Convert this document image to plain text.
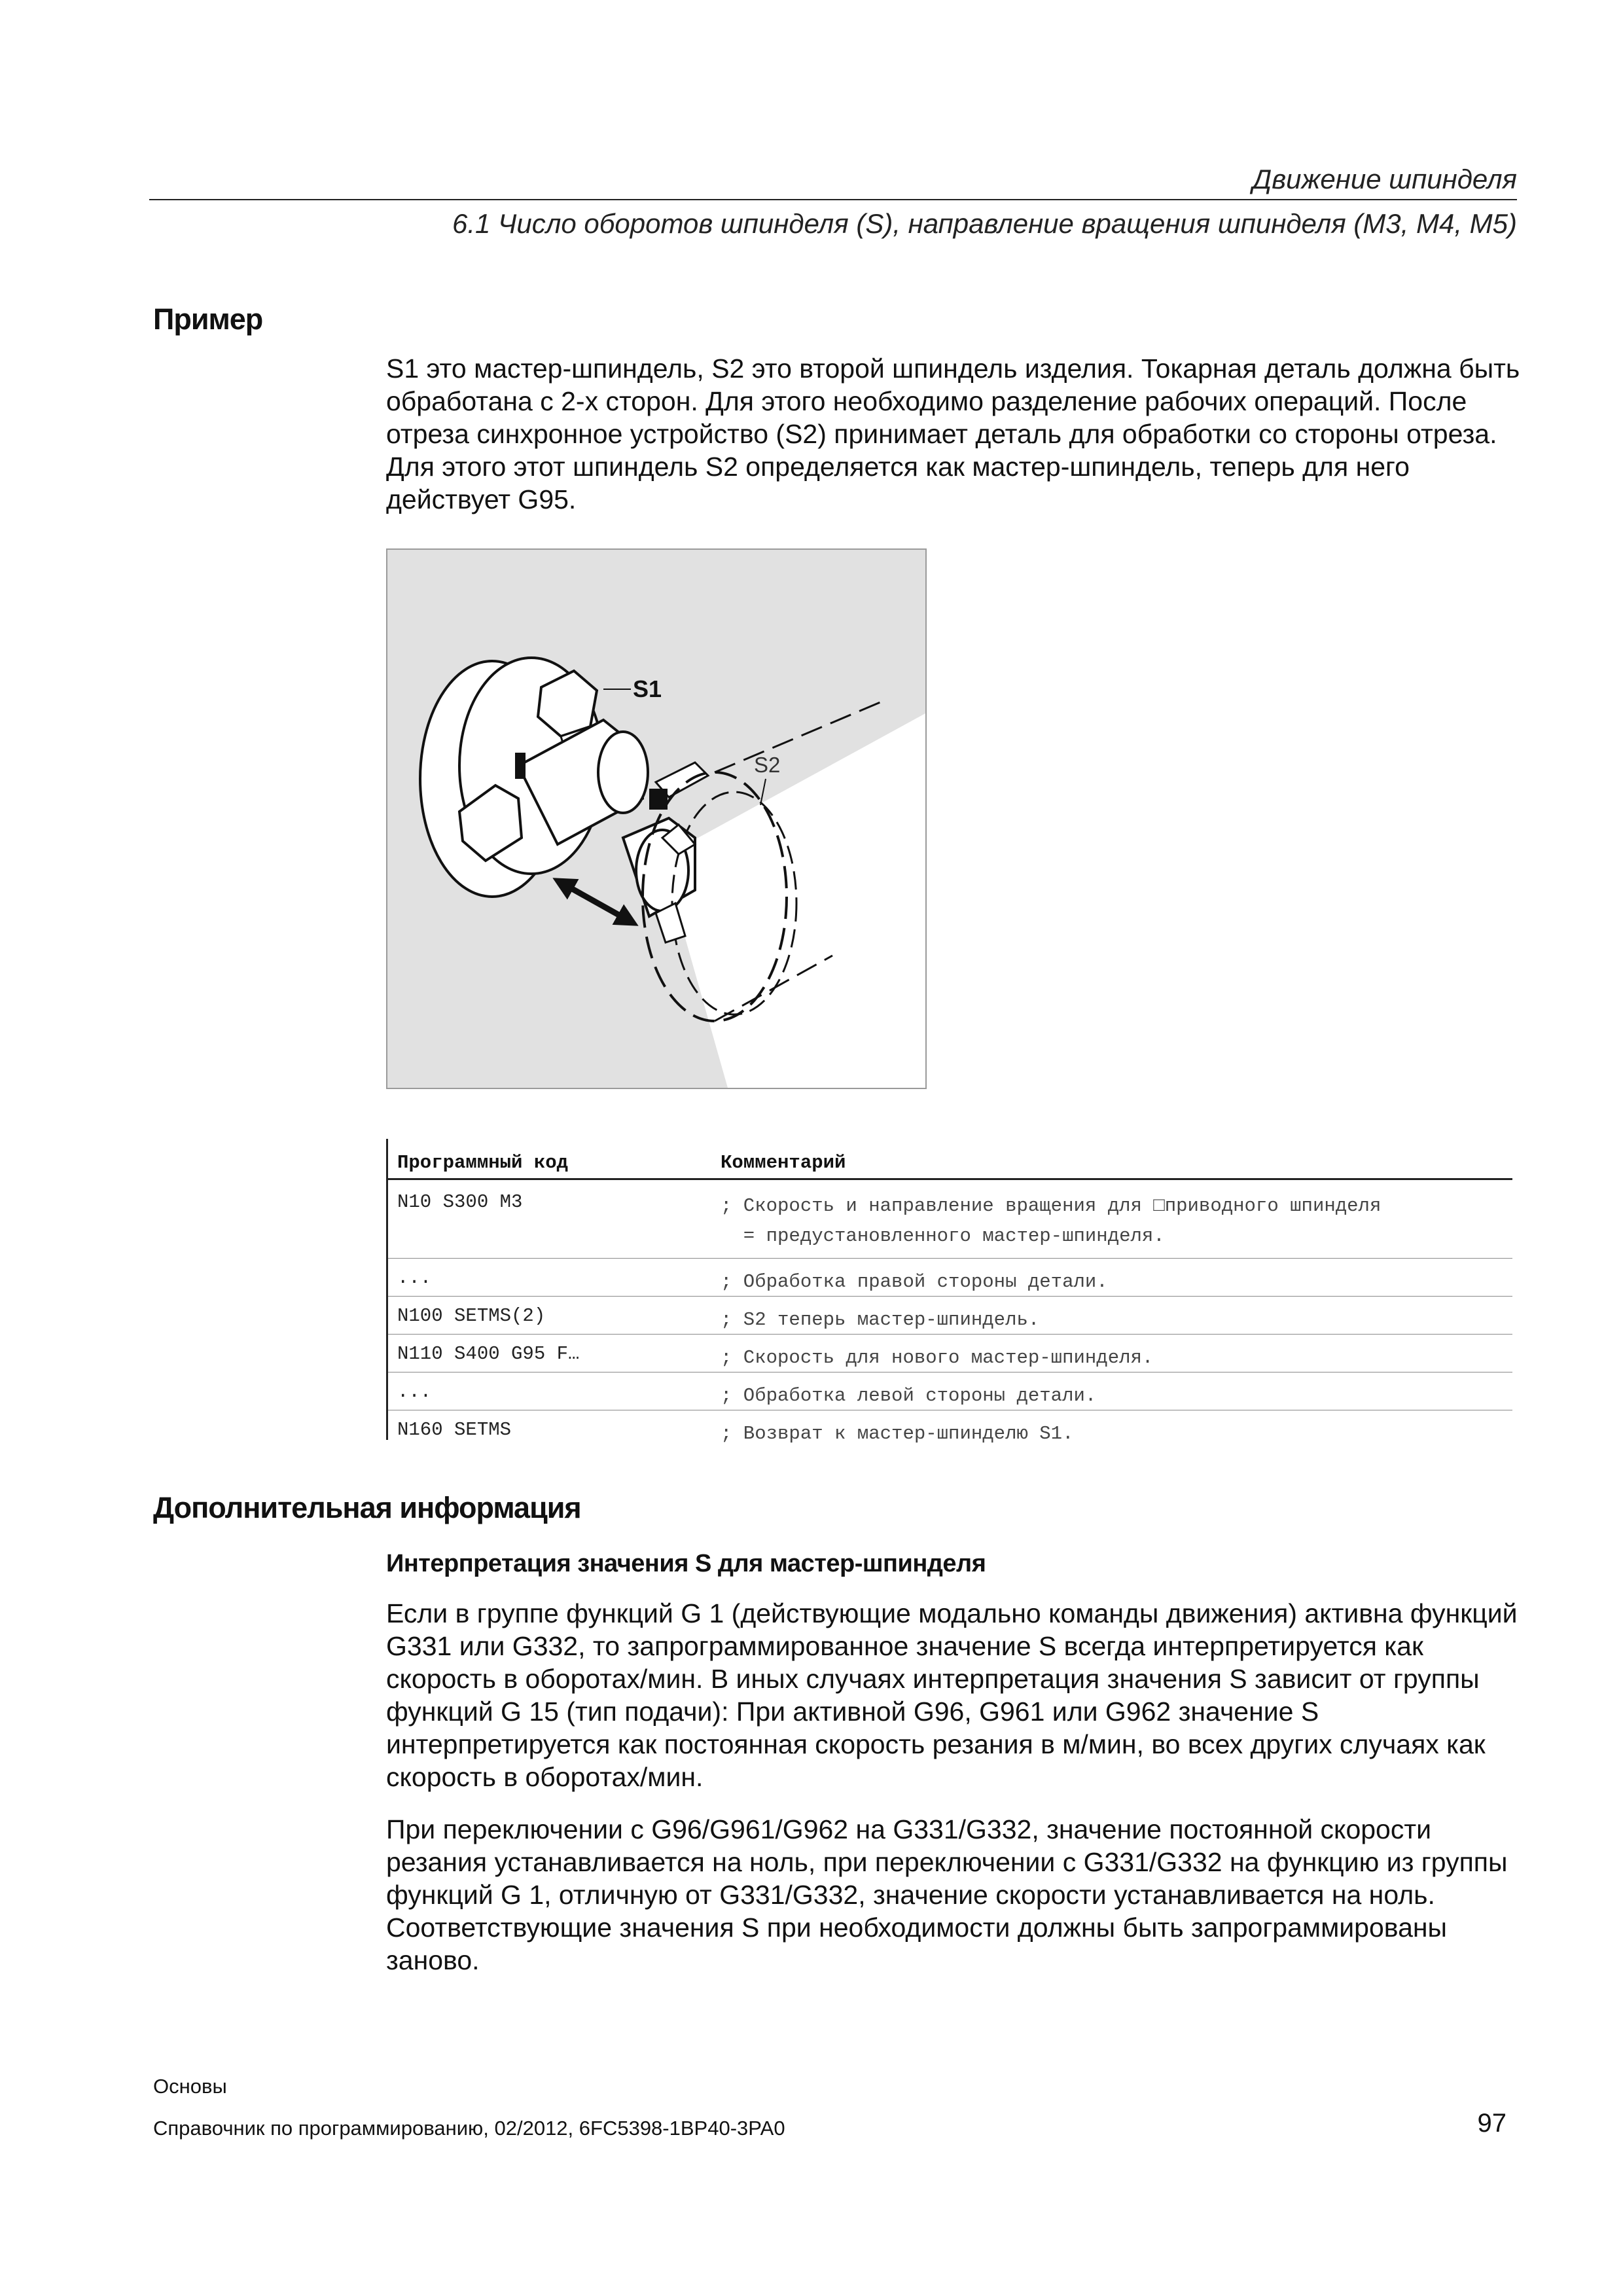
Движение шпинделя
6.1 Число оборотов шпинделя (S), направление вращения шпинделя (M3, M4, M5)
Пример

S1 это мастер-шпиндель, S2 это второй шпиндель изделия. Токарная деталь должна быть обработана с 2-х сторон. Для этого необходимо разделение рабочих операций. После отреза синхронное устройство (S2) принимает деталь для обработки со стороны отреза. Для этого этот шпиндель S2 определяется как мастер-шпиндель, теперь для него действует G95.

S1
S2
Программный код	Комментарий
N10 S300 M3	; Скорость и направление вращения для □приводного шпинделя
= предустановленного мастер-шпинделя.
...	; Обработка правой стороны детали.
N100 SETMS(2)	; S2 теперь мастер-шпиндель.
N110 S400 G95 F…	; Скорость для нового мастер-шпинделя.
...	; Обработка левой стороны детали.
N160 SETMS	; Возврат к мастер-шпинделю S1.
Дополнительная информация
Интерпретация значения S для мастер-шпинделя

Если в группе функций G 1 (действующие модально команды движения) активна функций G331 или G332, то запрограммированное значение S всегда интерпретируется как скорость в оборотах/мин. В иных случаях интерпретация значения S зависит от группы функций G 15 (тип подачи): При активной G96, G961 или G962 значение S интерпретируется как постоянная скорость резания в м/мин, во всех других случаях как скорость в оборотах/мин.

При переключении с G96/G961/G962 на G331/G332, значение постоянной скорости резания устанавливается на ноль, при переключении с G331/G332 на функцию из группы функций G 1, отличную от G331/G332, значение скорости устанавливается на ноль. Соответствующие значения S при необходимости должны быть запрограммированы заново.

Основы
Справочник по программированию, 02/2012, 6FC5398-1BP40-3PA0	97
